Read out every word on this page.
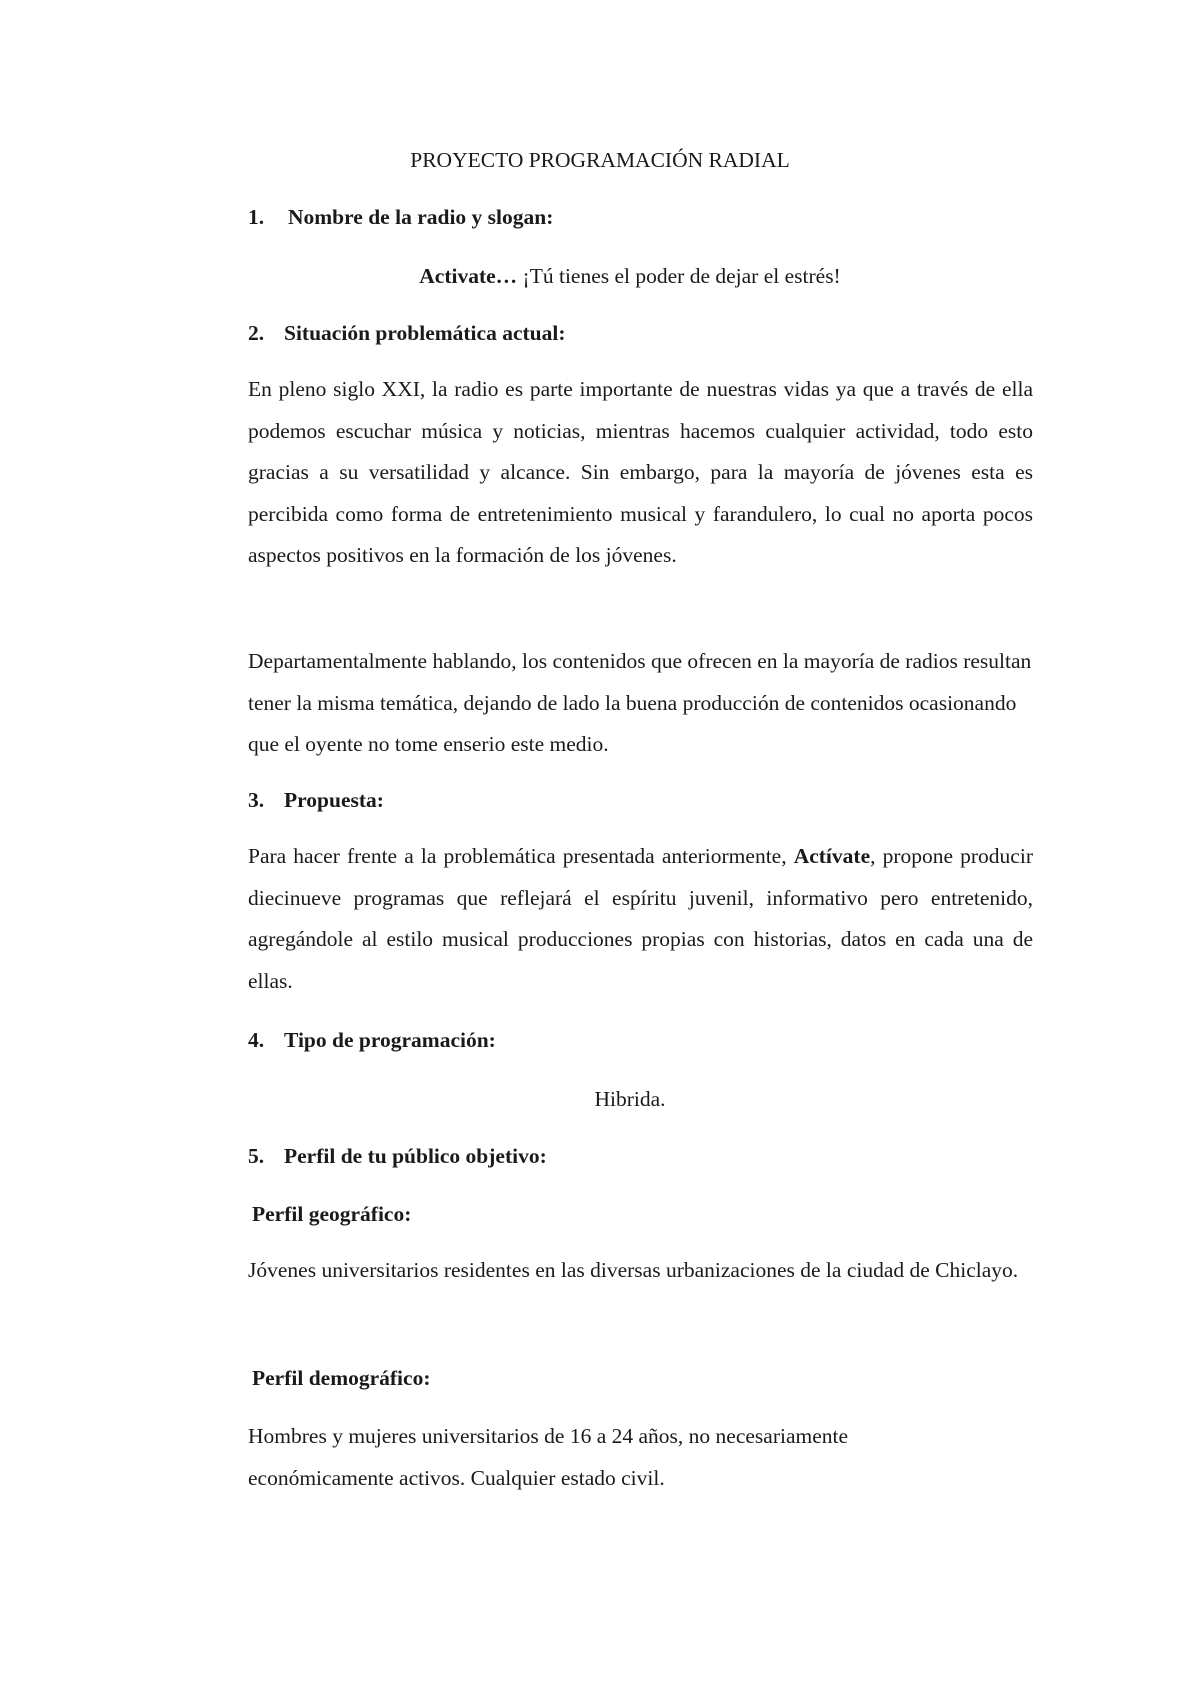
PROYECTO PROGRAMACIÓN RADIAL
1. Nombre de la radio y slogan:
Activate… ¡Tú tienes el poder de dejar el estrés!
2. Situación problemática actual:

En pleno siglo XXI, la radio es parte importante de nuestras vidas ya que a través de ella podemos escuchar música y noticias, mientras hacemos cualquier actividad, todo esto gracias a su versatilidad y alcance. Sin embargo, para la mayoría de jóvenes esta es percibida como forma de entretenimiento musical y farandulero, lo cual no aporta pocos aspectos positivos en la formación de los jóvenes.

Departamentalmente hablando, los contenidos que ofrecen en la mayoría de radios resultan tener la misma temática, dejando de lado la buena producción de contenidos ocasionando que el oyente no tome enserio este medio.

3. Propuesta:

Para hacer frente a la problemática presentada anteriormente, Actívate, propone producir diecinueve programas que reflejará el espíritu juvenil, informativo pero entretenido, agregándole al estilo musical producciones propias con historias, datos en cada una de ellas.

4. Tipo de programación:
Hibrida.
5. Perfil de tu público objetivo:
Perfil geográfico:

Jóvenes universitarios residentes en las diversas urbanizaciones de la ciudad de Chiclayo.

Perfil demográfico:

Hombres y mujeres universitarios de 16 a 24 años, no necesariamente económicamente activos. Cualquier estado civil.
